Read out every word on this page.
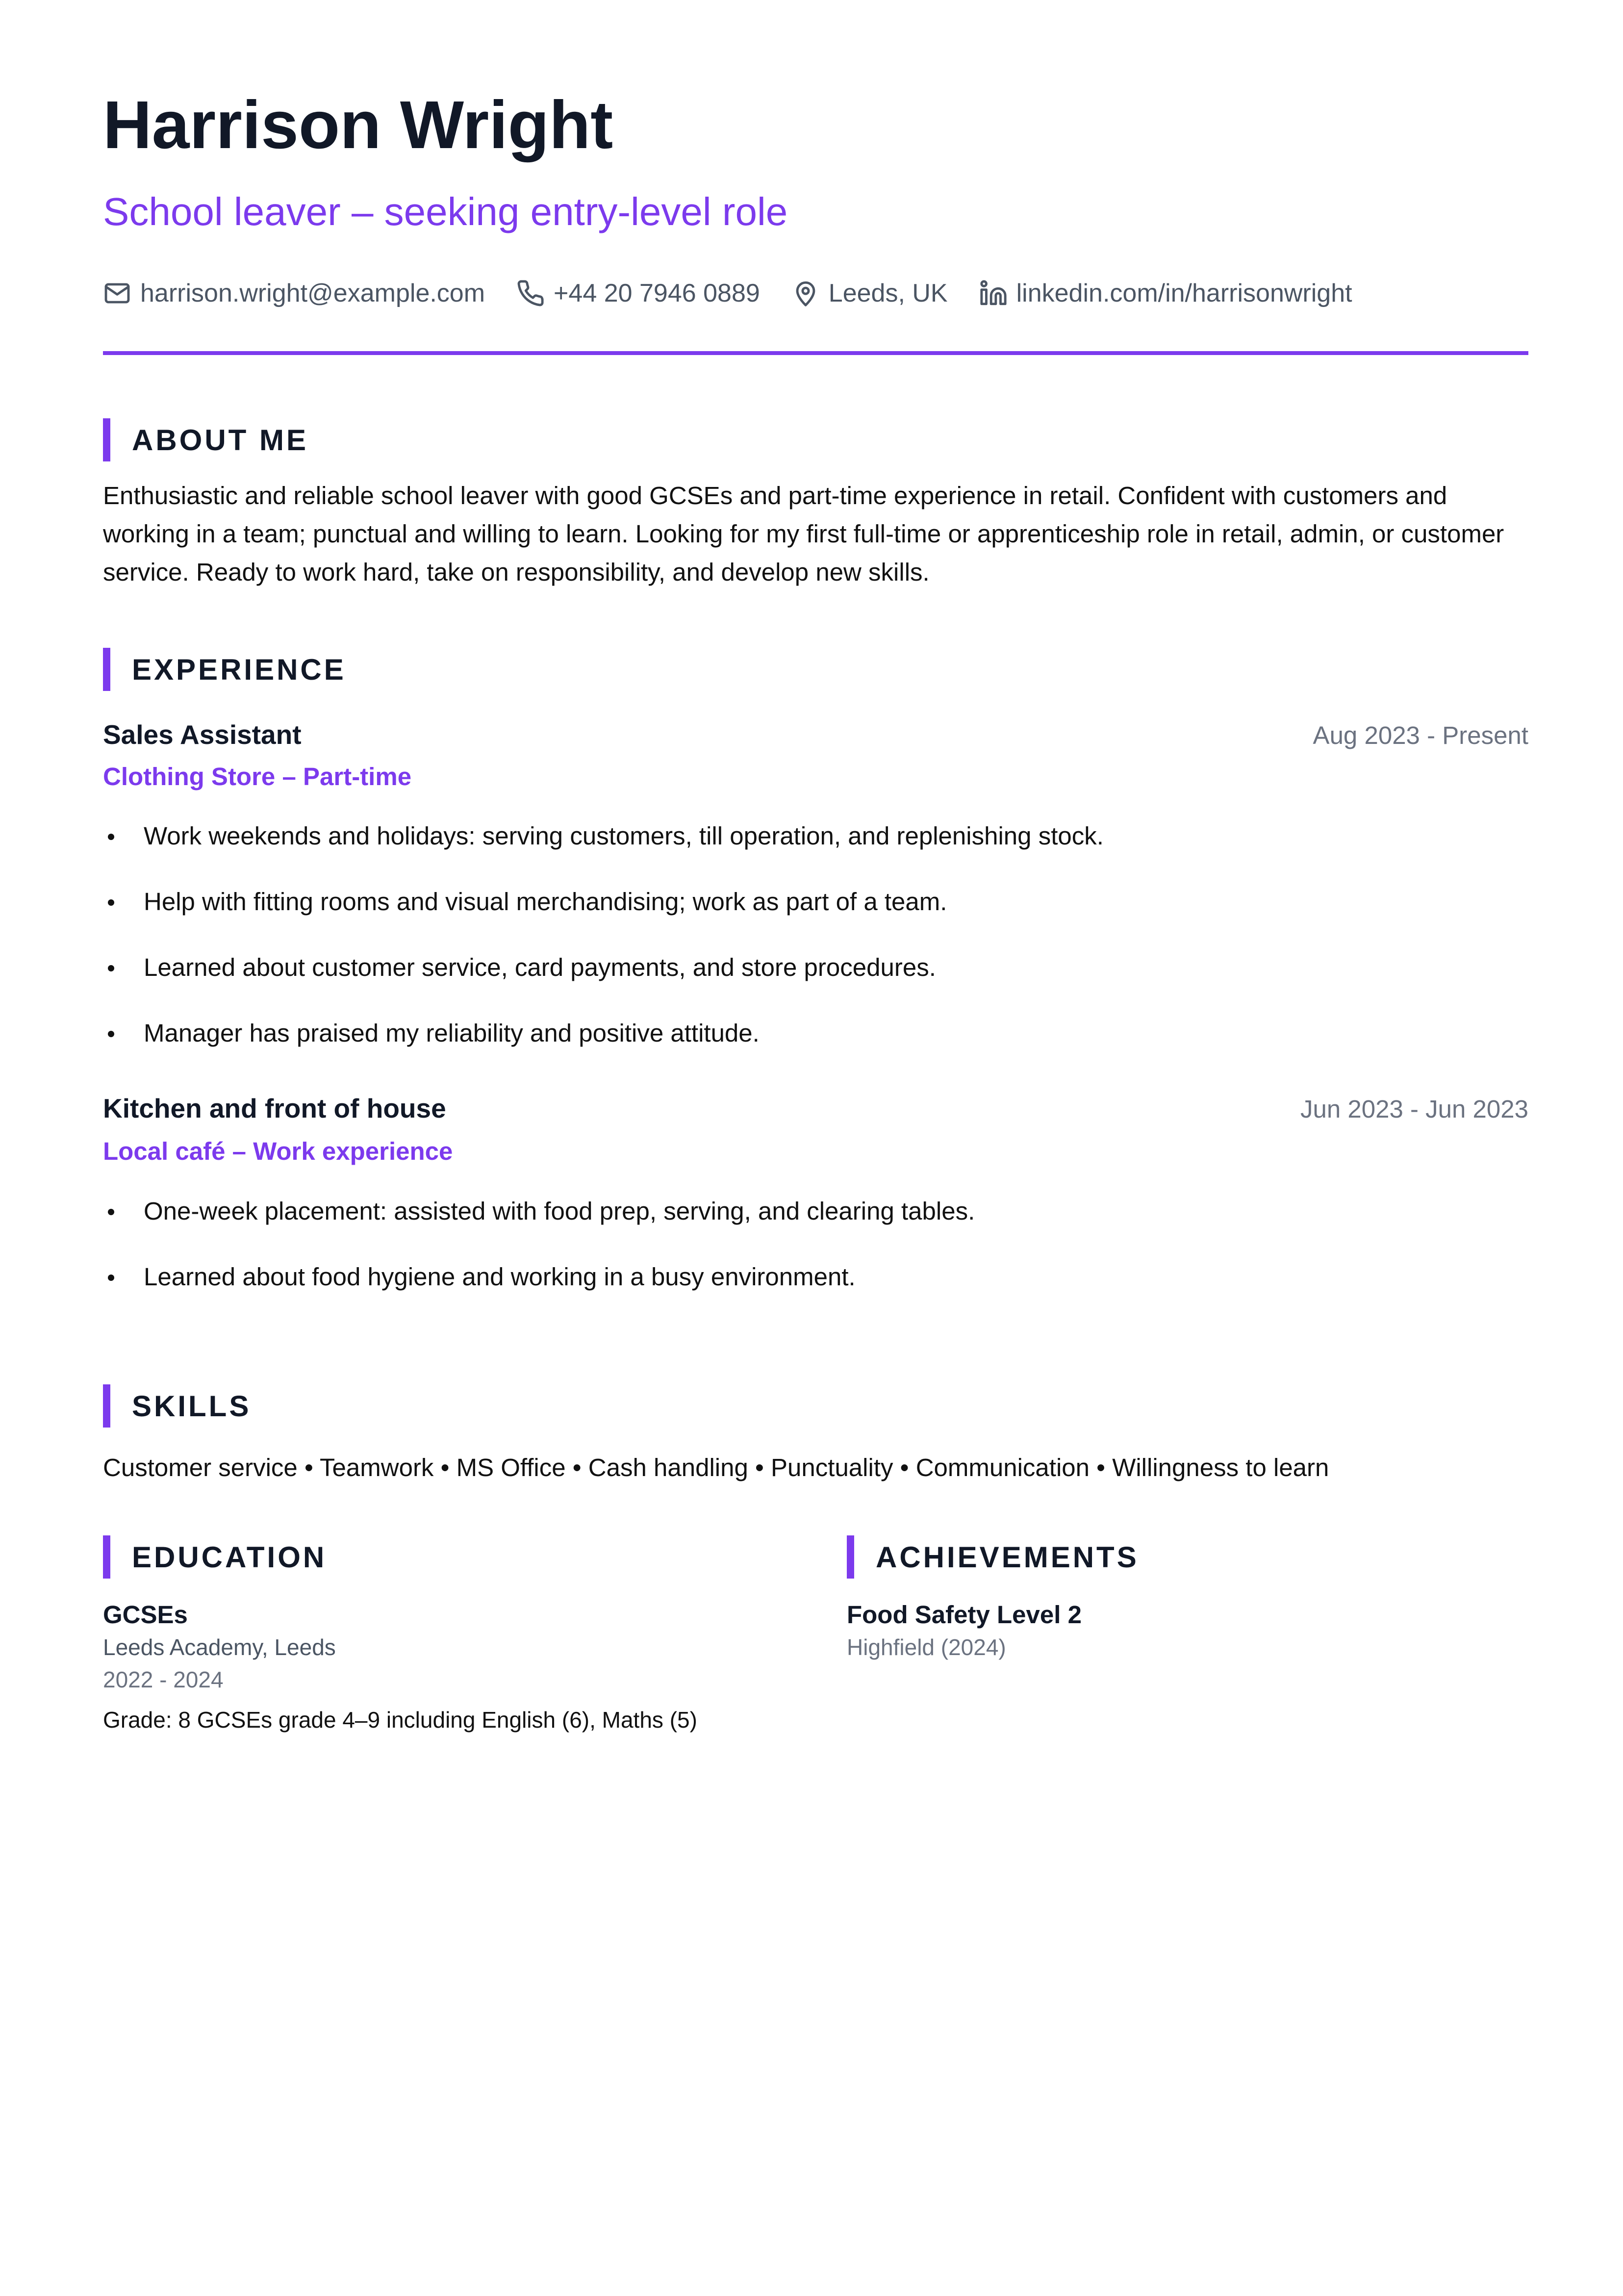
Harrison Wright
School leaver – seeking entry-level role
harrison.wright@example.com	+44 20 7946 0889	Leeds, UK	linkedin.com/in/harrisonwright
ABOUT ME
Enthusiastic and reliable school leaver with good GCSEs and part-time experience in retail. Confident with customers and working in a team; punctual and willing to learn. Looking for my first full-time or apprenticeship role in retail, admin, or customer service. Ready to work hard, take on responsibility, and develop new skills.
EXPERIENCE
Sales Assistant	Aug 2023 - Present
Clothing Store – Part-time
Work weekends and holidays: serving customers, till operation, and replenishing stock.
Help with fitting rooms and visual merchandising; work as part of a team.
Learned about customer service, card payments, and store procedures.
Manager has praised my reliability and positive attitude.
Kitchen and front of house	Jun 2023 - Jun 2023
Local café – Work experience
One-week placement: assisted with food prep, serving, and clearing tables.
Learned about food hygiene and working in a busy environment.
SKILLS
Customer service • Teamwork • MS Office • Cash handling • Punctuality • Communication • Willingness to learn
EDUCATION
GCSEs
Leeds Academy, Leeds
2022 - 2024
Grade: 8 GCSEs grade 4–9 including English (6), Maths (5)
ACHIEVEMENTS
Food Safety Level 2
Highfield (2024)
